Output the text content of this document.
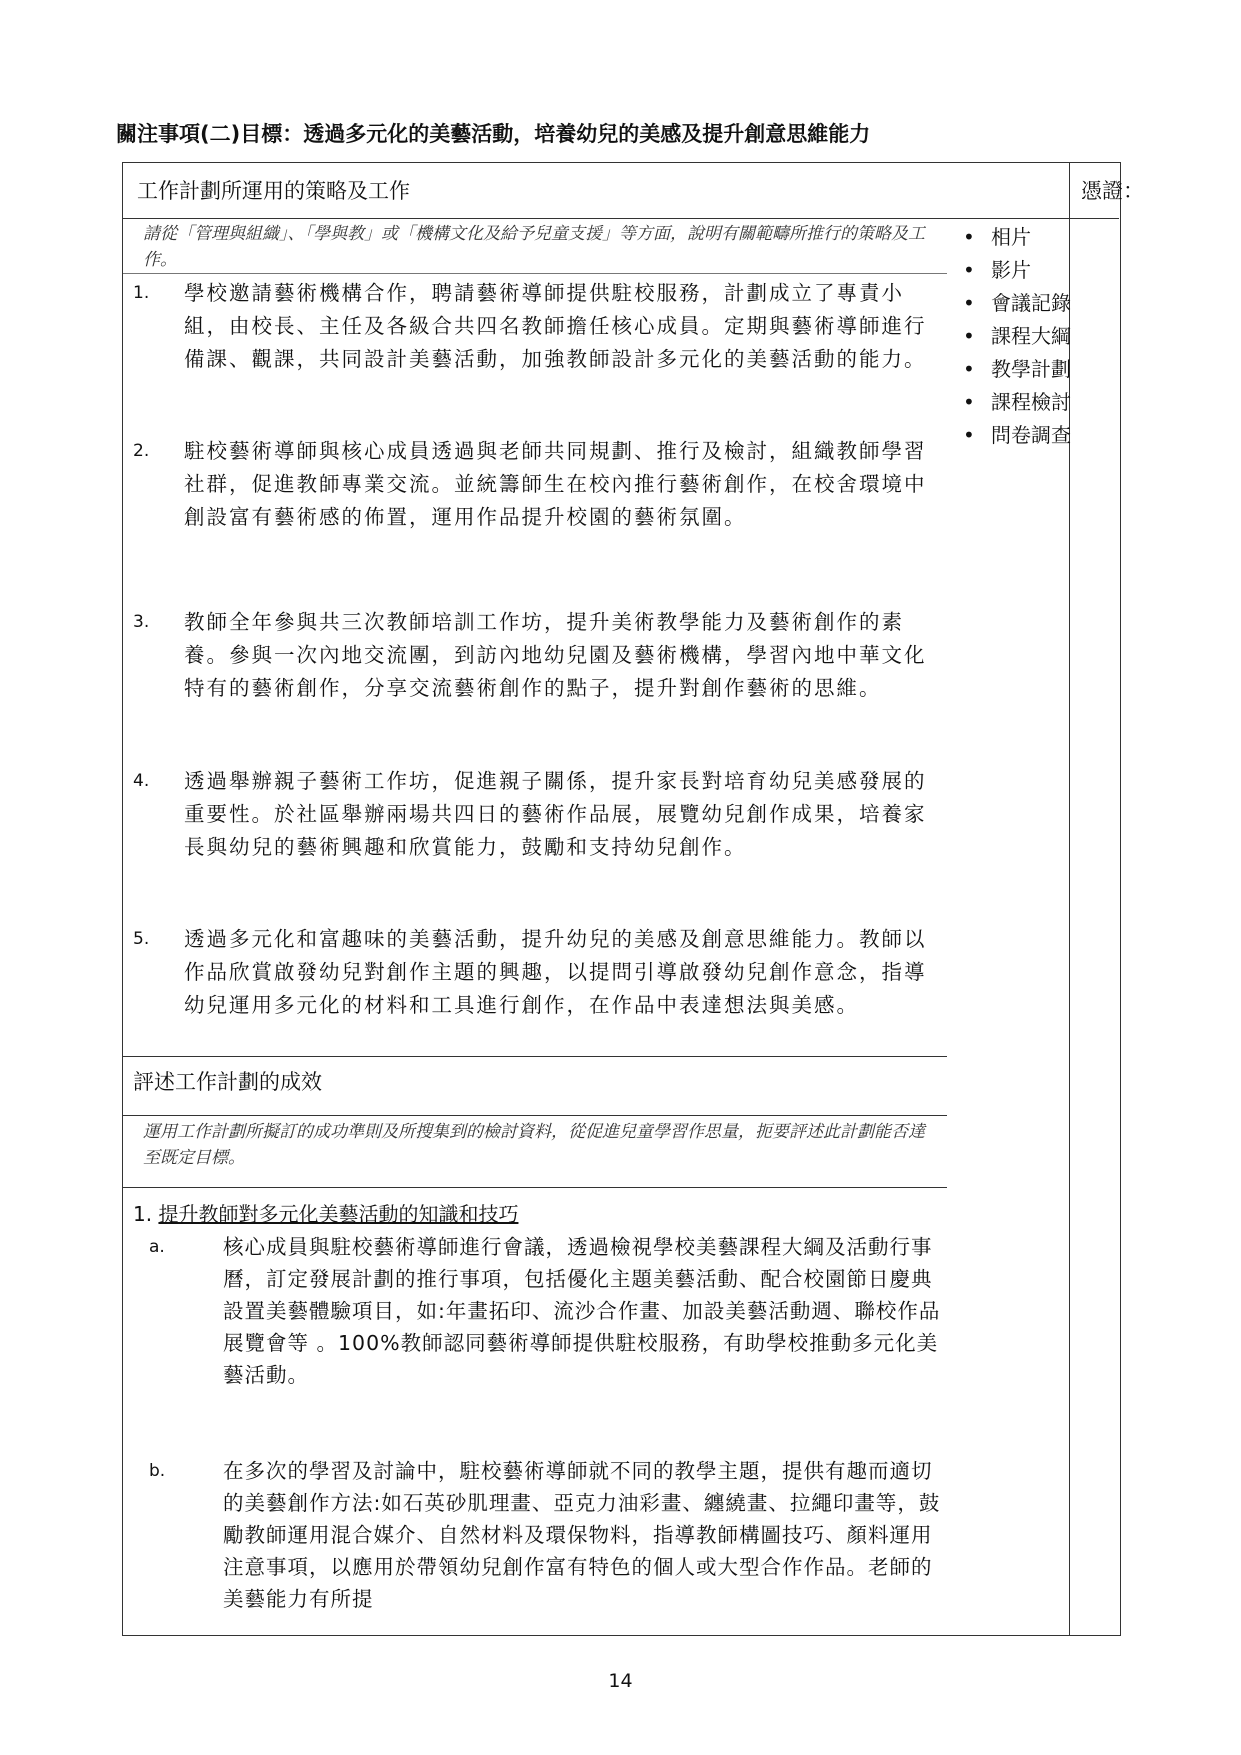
關注事項(二)目標：透過多元化的美藝活動，培養幼兒的美感及提升創意思維能力
工作計劃所運用的策略及工作	憑證：
請從「管理與組織」、「學與教」或「機構文化及給予兒童支援」等方面，說明有關範疇所推行的策略及工作。
• 相片
• 影片
• 會議記錄
• 課程大綱
• 教學計劃
• 課程檢討
• 問卷調查
1. 學校邀請藝術機構合作，聘請藝術導師提供駐校服務，計劃成立了專責小組，由校長、主任及各級合共四名教師擔任核心成員。定期與藝術導師進行備課、觀課，共同設計美藝活動，加強教師設計多元化的美藝活動的能力。
2. 駐校藝術導師與核心成員透過與老師共同規劃、推行及檢討，組織教師學習社群，促進教師專業交流。並統籌師生在校內推行藝術創作，在校舍環境中創設富有藝術感的佈置，運用作品提升校園的藝術氛圍。
3. 教師全年參與共三次教師培訓工作坊，提升美術教學能力及藝術創作的素養。參與一次內地交流團，到訪內地幼兒園及藝術機構，學習內地中華文化特有的藝術創作，分享交流藝術創作的點子，提升對創作藝術的思維。
4. 透過舉辦親子藝術工作坊，促進親子關係，提升家長對培育幼兒美感發展的重要性。於社區舉辦兩場共四日的藝術作品展，展覽幼兒創作成果，培養家長與幼兒的藝術興趣和欣賞能力，鼓勵和支持幼兒創作。
5. 透過多元化和富趣味的美藝活動，提升幼兒的美感及創意思維能力。教師以作品欣賞啟發幼兒對創作主題的興趣，以提問引導啟發幼兒創作意念，指導幼兒運用多元化的材料和工具進行創作，在作品中表達想法與美感。
評述工作計劃的成效
運用工作計劃所擬訂的成功準則及所搜集到的檢討資料，從促進兒童學習作思量，扼要評述此計劃能否達至既定目標。
1. 提升教師對多元化美藝活動的知識和技巧
a.	核心成員與駐校藝術導師進行會議，透過檢視學校美藝課程大綱及活動行事曆，訂定發展計劃的推行事項，包括優化主題美藝活動、配合校園節日慶典設置美藝體驗項目，如:年畫拓印、流沙合作畫、加設美藝活動週、聯校作品展覽會等 。100%教師認同藝術導師提供駐校服務，有助學校推動多元化美藝活動。
b.	在多次的學習及討論中，駐校藝術導師就不同的教學主題，提供有趣而適切的美藝創作方法:如石英砂肌理畫、亞克力油彩畫、纏繞畫、拉繩印畫等，鼓勵教師運用混合媒介、自然材料及環保物料，指導教師構圖技巧、顏料運用注意事項，以應用於帶領幼兒創作富有特色的個人或大型合作作品。老師的美藝能力有所提
14
